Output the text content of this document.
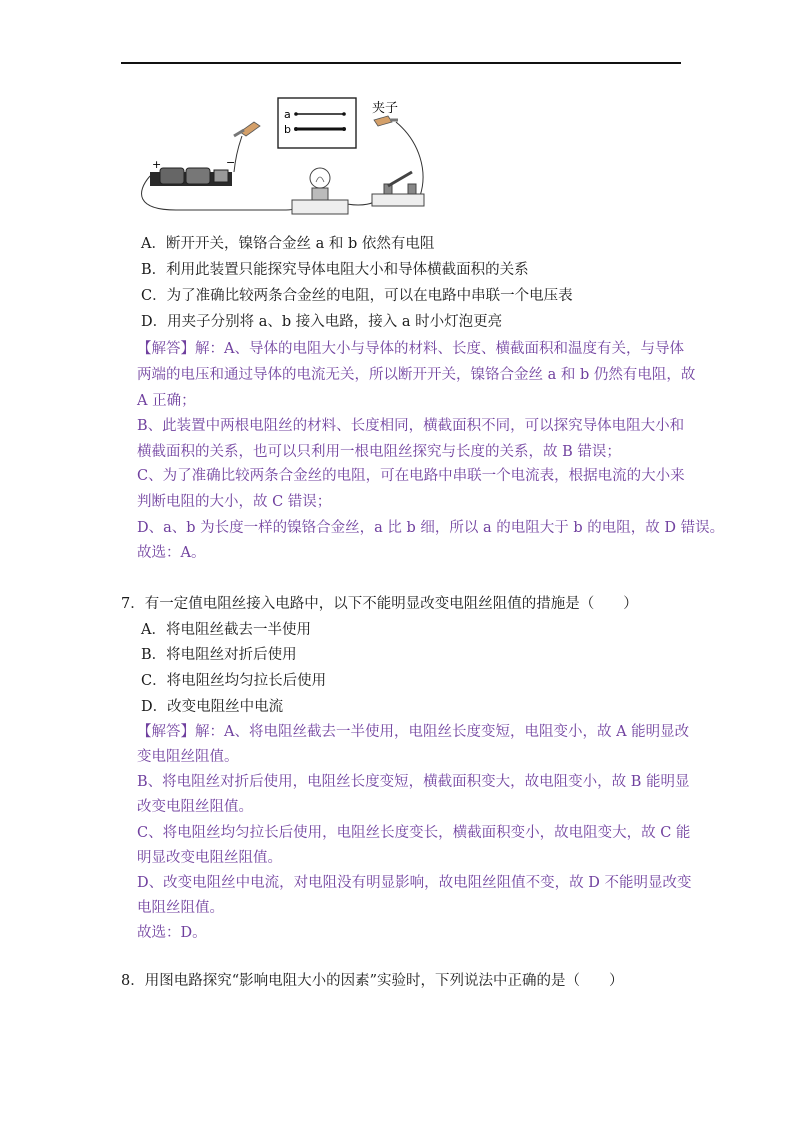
a
b
夹子
+	−
A．断开开关，镍铬合金丝 a 和 b 依然有电阻
B．利用此装置只能探究导体电阻大小和导体横截面积的关系
C．为了准确比较两条合金丝的电阻，可以在电路中串联一个电压表
D．用夹子分别将 a、b 接入电路，接入 a 时小灯泡更亮
【解答】解：A、导体的电阻大小与导体的材料、长度、横截面积和温度有关，与导体
两端的电压和通过导体的电流无关，所以断开开关，镍铬合金丝 a 和 b 仍然有电阻，故
A 正确；
B、此装置中两根电阻丝的材料、长度相同，横截面积不同，可以探究导体电阻大小和
横截面积的关系，也可以只利用一根电阻丝探究与长度的关系，故 B 错误；
C、为了准确比较两条合金丝的电阻，可在电路中串联一个电流表，根据电流的大小来
判断电阻的大小，故 C 错误；
D、a、b 为长度一样的镍铬合金丝，a 比 b 细，所以 a 的电阻大于 b 的电阻，故 D 错误。
故选：A。
7．有一定值电阻丝接入电路中，以下不能明显改变电阻丝阻值的措施是（　　）
A．将电阻丝截去一半使用
B．将电阻丝对折后使用
C．将电阻丝均匀拉长后使用
D．改变电阻丝中电流
【解答】解：A、将电阻丝截去一半使用，电阻丝长度变短，电阻变小，故 A 能明显改
变电阻丝阻值。
B、将电阻丝对折后使用，电阻丝长度变短，横截面积变大，故电阻变小，故 B 能明显
改变电阻丝阻值。
C、将电阻丝均匀拉长后使用，电阻丝长度变长，横截面积变小，故电阻变大，故 C 能
明显改变电阻丝阻值。
D、改变电阻丝中电流，对电阻没有明显影响，故电阻丝阻值不变，故 D 不能明显改变
电阻丝阻值。
故选：D。
8．用图电路探究“影响电阻大小的因素”实验时，下列说法中正确的是（　　）
